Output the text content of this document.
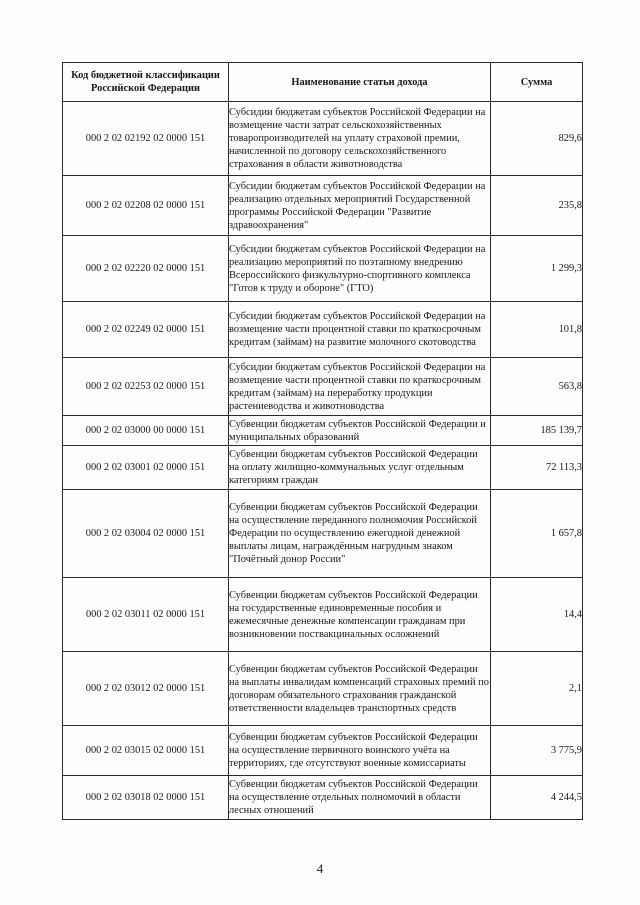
Код бюджетной классификации Российской Федерации	Наименование статьи дохода	Сумма
000 2 02 02192 02 0000 151	Субсидии бюджетам субъектов Российской Федерации на возмещение части затрат сельскохозяйственных товаропроизводителей на уплату страховой премии, начисленной по договору сельскохозяйственного страхования в области животноводства	829,6
000 2 02 02208 02 0000 151	Субсидии бюджетам субъектов Российской Федерации на реализацию отдельных мероприятий Государственной программы Российской Федерации "Развитие здравоохранения"	235,8
000 2 02 02220 02 0000 151	Субсидии бюджетам субъектов Российской Федерации на реализацию мероприятий по поэтапному внедрению Всероссийского физкультурно-спортивного комплекса "Готов к труду и обороне" (ГТО)	1 299,3
000 2 02 02249 02 0000 151	Субсидии бюджетам субъектов Российской Федерации на возмещение части процентной ставки по краткосрочным кредитам (займам) на развитие молочного скотоводства	101,8
000 2 02 02253 02 0000 151	Субсидии бюджетам субъектов Российской Федерации на возмещение части процентной ставки по краткосрочным кредитам (займам) на переработку продукции растениеводства и животноводства	563,8
000 2 02 03000 00 0000 151	Субвенции бюджетам субъектов Российской Федерации и муниципальных образований	185 139,7
000 2 02 03001 02 0000 151	Субвенции бюджетам субъектов Российской Федерации на оплату жилищно-коммунальных услуг отдельным категориям граждан	72 113,3
000 2 02 03004 02 0000 151	Субвенции бюджетам субъектов Российской Федерации на осуществление переданного полномочия Российской Федерации по осуществлению ежегодной денежной выплаты лицам, награждённым нагрудным знаком "Почётный донор России"	1 657,8
000 2 02 03011 02 0000 151	Субвенции бюджетам субъектов Российской Федерации на государственные единовременные пособия и ежемесячные денежные компенсации гражданам при возникновении поствакцинальных осложнений	14,4
000 2 02 03012 02 0000 151	Субвенции бюджетам субъектов Российской Федерации на выплаты инвалидам компенсаций страховых премий по договорам обязательного страхования гражданской ответственности владельцев транспортных средств	2,1
000 2 02 03015 02 0000 151	Субвенции бюджетам субъектов Российской Федерации на осуществление первичного воинского учёта на территориях, где отсутствуют военные комиссариаты	3 775,9
000 2 02 03018 02 0000 151	Субвенции бюджетам субъектов Российской Федерации на осуществление отдельных полномочий в области лесных отношений	4 244,5
4
